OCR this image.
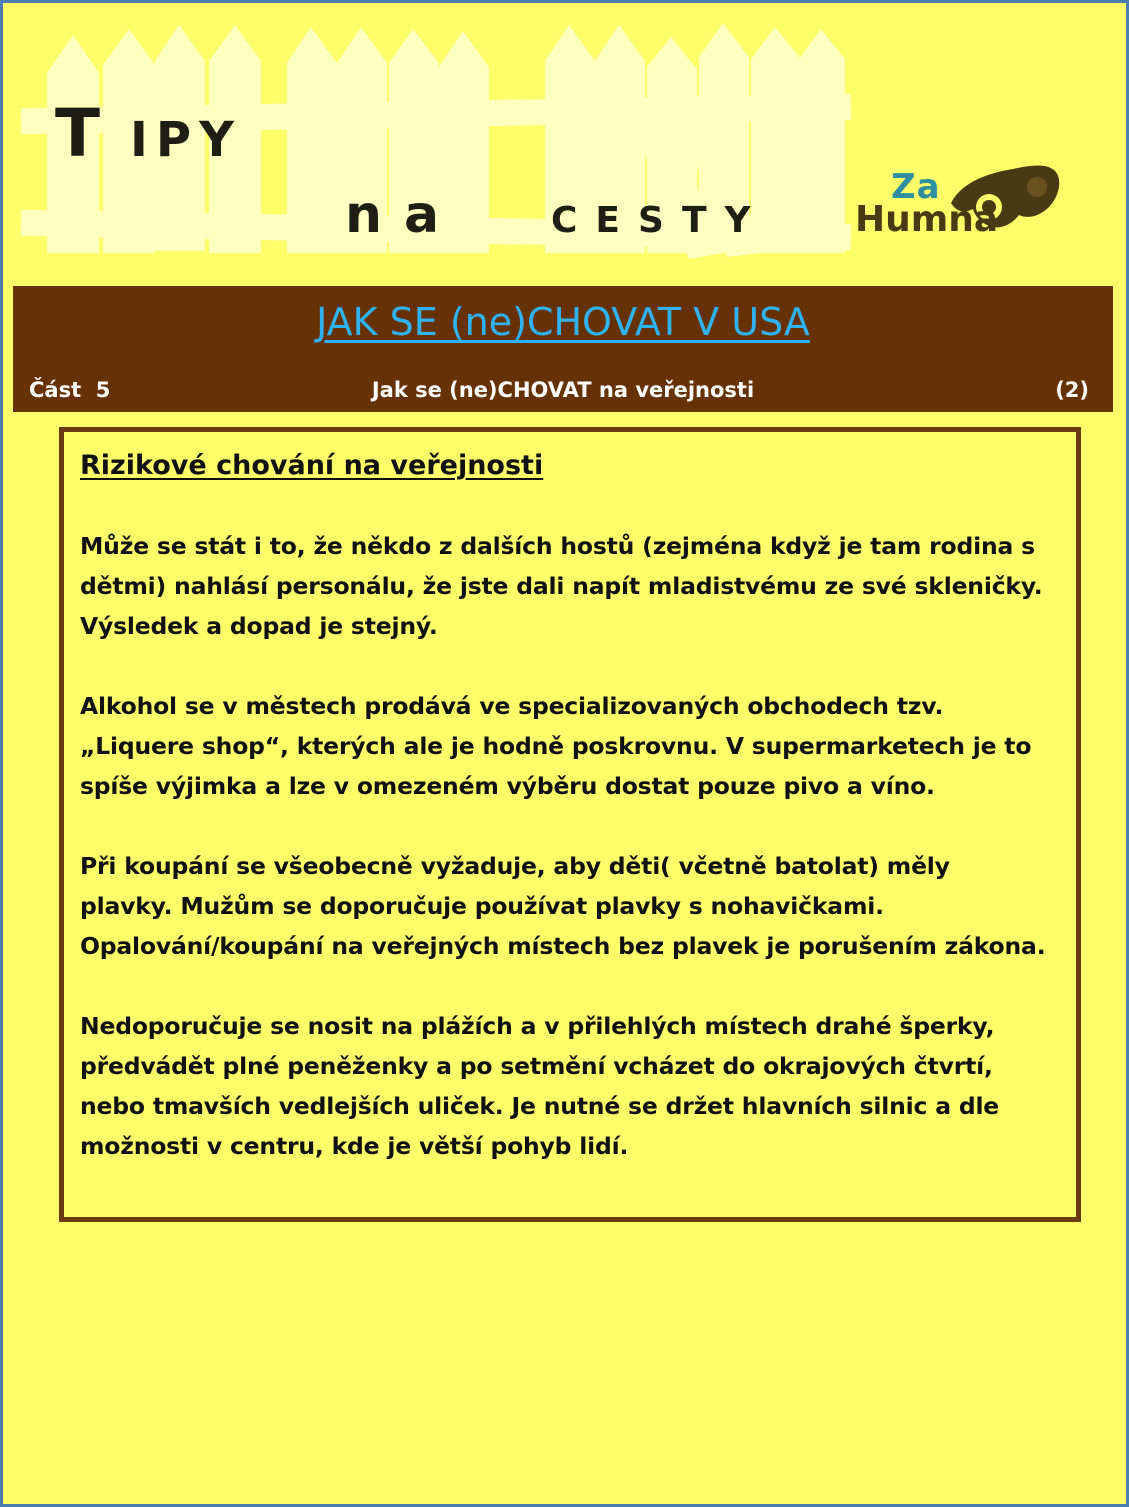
TIPY
na cesty	Za
Humna
JAK SE (ne)CHOVAT V USA
Část  5	Jak se (ne)CHOVAT na veřejnosti	(2)
Rizikové chování na veřejnosti
Může se stát i to, že někdo z dalších hostů (zejména když je tam rodina s dětmi) nahlásí personálu, že jste dali napít mladistvému ze své skleničky. Výsledek a dopad je stejný.
Alkohol se v městech prodává ve specializovaných obchodech tzv. „Liquere shop“, kterých ale je hodně poskrovnu. V supermarketech je to spíše výjimka a lze v omezeném výběru dostat pouze pivo a víno.
Při koupání se všeobecně vyžaduje, aby děti( včetně batolat) měly plavky. Mužům se doporučuje používat plavky s nohavičkami. Opalování/koupání na veřejných místech bez plavek je porušením zákona.
Nedoporučuje se nosit na plážích a v přilehlých místech drahé šperky, předvádět plné peněženky a po setmění vcházet do okrajových čtvrtí, nebo tmavších vedlejších uliček. Je nutné se držet hlavních silnic a dle možnosti v centru, kde je větší pohyb lidí.
